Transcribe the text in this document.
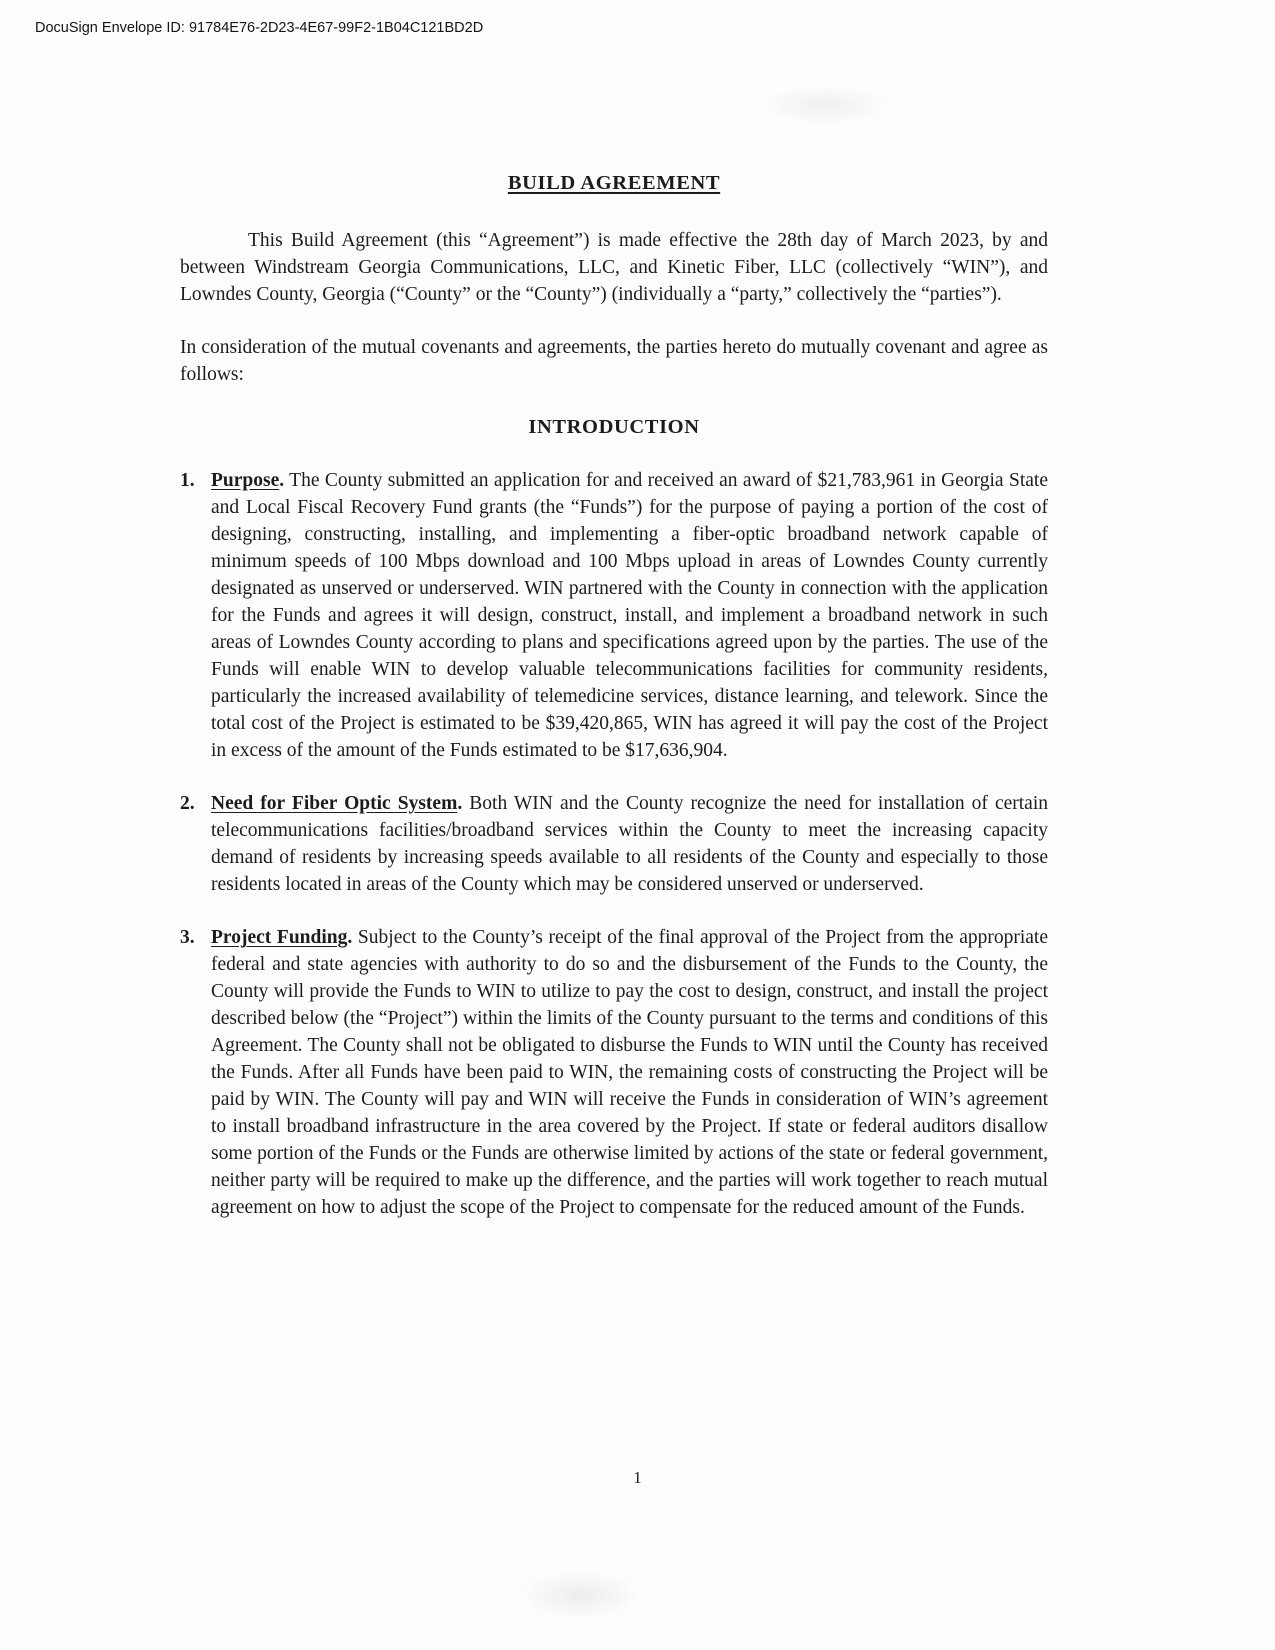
DocuSign Envelope ID: 91784E76-2D23-4E67-99F2-1B04C121BD2D
BUILD AGREEMENT

This Build Agreement (this “Agreement”) is made effective the 28th day of March 2023, by and between Windstream Georgia Communications, LLC, and Kinetic Fiber, LLC (collectively “WIN”), and Lowndes County, Georgia (“County” or the “County”) (individually a “party,” collectively the “parties”).

In consideration of the mutual covenants and agreements, the parties hereto do mutually covenant and agree as follows:

INTRODUCTION
1. Purpose. The County submitted an application for and received an award of $21,783,961 in Georgia State and Local Fiscal Recovery Fund grants (the “Funds”) for the purpose of paying a portion of the cost of designing, constructing, installing, and implementing a fiber-optic broadband network capable of minimum speeds of 100 Mbps download and 100 Mbps upload in areas of Lowndes County currently designated as unserved or underserved. WIN partnered with the County in connection with the application for the Funds and agrees it will design, construct, install, and implement a broadband network in such areas of Lowndes County according to plans and specifications agreed upon by the parties. The use of the Funds will enable WIN to develop valuable telecommunications facilities for community residents, particularly the increased availability of telemedicine services, distance learning, and telework. Since the total cost of the Project is estimated to be $39,420,865, WIN has agreed it will pay the cost of the Project in excess of the amount of the Funds estimated to be $17,636,904.
2. Need for Fiber Optic System. Both WIN and the County recognize the need for installation of certain telecommunications facilities/broadband services within the County to meet the increasing capacity demand of residents by increasing speeds available to all residents of the County and especially to those residents located in areas of the County which may be considered unserved or underserved.
3. Project Funding. Subject to the County’s receipt of the final approval of the Project from the appropriate federal and state agencies with authority to do so and the disbursement of the Funds to the County, the County will provide the Funds to WIN to utilize to pay the cost to design, construct, and install the project described below (the “Project”) within the limits of the County pursuant to the terms and conditions of this Agreement. The County shall not be obligated to disburse the Funds to WIN until the County has received the Funds. After all Funds have been paid to WIN, the remaining costs of constructing the Project will be paid by WIN. The County will pay and WIN will receive the Funds in consideration of WIN’s agreement to install broadband infrastructure in the area covered by the Project. If state or federal auditors disallow some portion of the Funds or the Funds are otherwise limited by actions of the state or federal government, neither party will be required to make up the difference, and the parties will work together to reach mutual agreement on how to adjust the scope of the Project to compensate for the reduced amount of the Funds.
1
